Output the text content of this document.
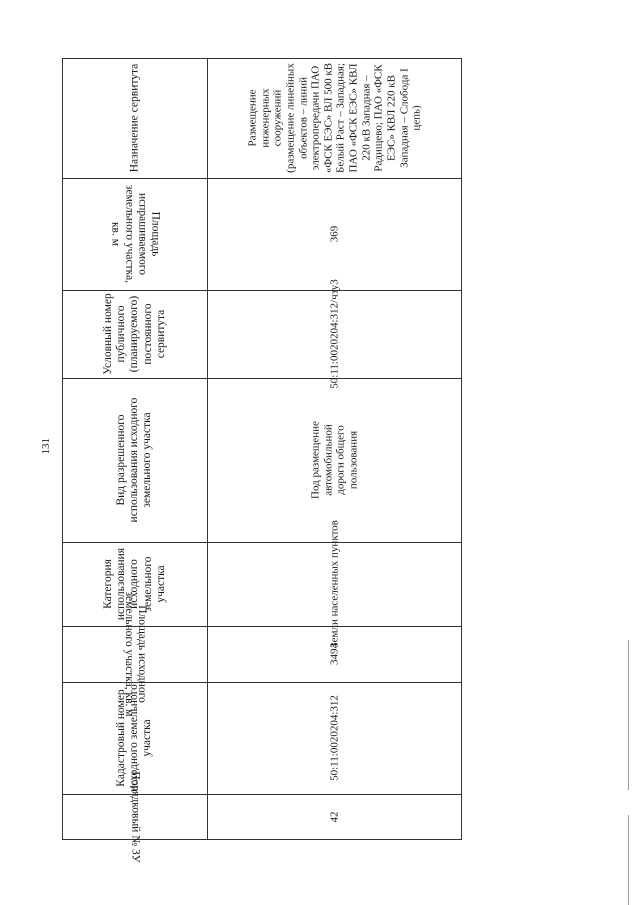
131
Назначение сервитута
Площадь испрашиваемого земельного участка, кв. м
Условный номер публичного (планируемого) постоянного сервитута
Вид разрешенного использования исходного земельного участка
Категория использования исходного земельного участка
Площадь исходного земельного участка, кв. м
Кадастровый номер исходного земельного участка
Порядковый № ЗУ
Размещение инженерных сооружений (размещение линейных объектов – линий электропередачи ПАО «ФСК ЕЭС» ВЛ 500 кВ Белый Раст – Западная; ПАО «ФСК ЕЭС» КВЛ 220 кВ Западная – Радищево; ПАО «ФСК ЕЭС» КВЛ 220 кВ Западная – Слобода I цепь)
369
50:11:0020204:312/чзу3
Под размещение автомобильной дороги общего пользования
Земли населенных пунктов
3494
50:11:0020204:312
42
